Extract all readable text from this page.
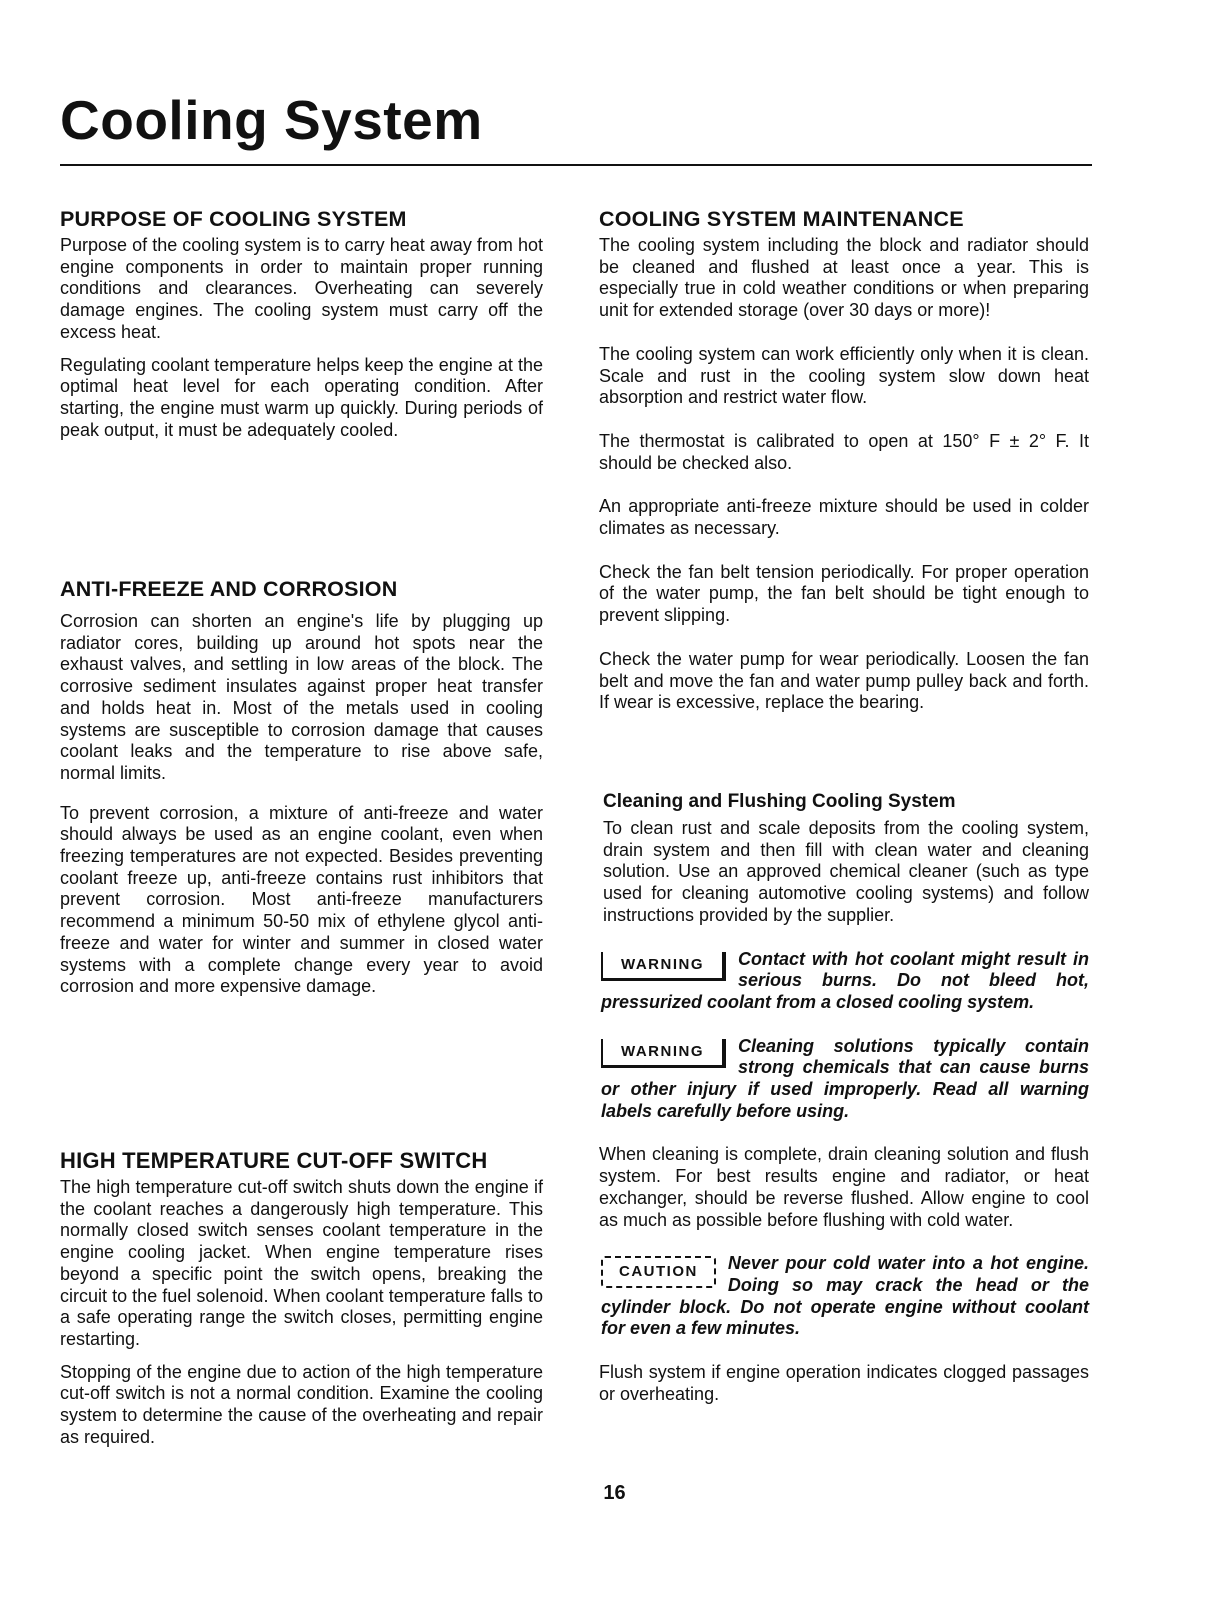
Cooling System
PURPOSE OF COOLING SYSTEM

Purpose of the cooling system is to carry heat away from hot engine components in order to maintain proper running conditions and clearances. Overheating can severely damage engines. The cooling system must carry off the excess heat.

Regulating coolant temperature helps keep the engine at the optimal heat level for each operating condition. After starting, the engine must warm up quickly. During periods of peak output, it must be adequately cooled.

ANTI-FREEZE AND CORROSION

Corrosion can shorten an engine's life by plugging up radiator cores, building up around hot spots near the exhaust valves, and settling in low areas of the block. The corrosive sediment insulates against proper heat transfer and holds heat in. Most of the metals used in cooling systems are susceptible to corrosion damage that causes coolant leaks and the temperature to rise above safe, normal limits.

To prevent corrosion, a mixture of anti-freeze and water should always be used as an engine coolant, even when freezing temperatures are not expected. Besides preventing coolant freeze up, anti-freeze contains rust inhibitors that prevent corrosion. Most anti-freeze manufacturers recommend a minimum 50-50 mix of ethylene glycol anti-freeze and water for winter and summer in closed water systems with a complete change every year to avoid corrosion and more expensive damage.

HIGH TEMPERATURE CUT-OFF SWITCH

The high temperature cut-off switch shuts down the engine if the coolant reaches a dangerously high temperature. This normally closed switch senses coolant temperature in the engine cooling jacket. When engine temperature rises beyond a specific point the switch opens, breaking the circuit to the fuel solenoid. When coolant temperature falls to a safe operating range the switch closes, permitting engine restarting.

Stopping of the engine due to action of the high temperature cut-off switch is not a normal condition. Examine the cooling system to determine the cause of the overheating and repair as required.

COOLING SYSTEM MAINTENANCE

The cooling system including the block and radiator should be cleaned and flushed at least once a year. This is especially true in cold weather conditions or when preparing unit for extended storage (over 30 days or more)!

The cooling system can work efficiently only when it is clean. Scale and rust in the cooling system slow down heat absorption and restrict water flow.

The thermostat is calibrated to open at 150° F ± 2° F. It should be checked also.

An appropriate anti-freeze mixture should be used in colder climates as necessary.

Check the fan belt tension periodically. For proper operation of the water pump, the fan belt should be tight enough to prevent slipping.

Check the water pump for wear periodically. Loosen the fan belt and move the fan and water pump pulley back and forth. If wear is excessive, replace the bearing.

Cleaning and Flushing Cooling System

To clean rust and scale deposits from the cooling system, drain system and then fill with clean water and cleaning solution. Use an approved chemical cleaner (such as type used for cleaning automotive cooling systems) and follow instructions provided by the supplier.

WARNING	Contact with hot coolant might result in serious burns. Do not bleed hot, pressurized coolant from a closed cooling system.
WARNING	Cleaning solutions typically contain strong chemicals that can cause burns or other injury if used improperly. Read all warning labels carefully before using.

When cleaning is complete, drain cleaning solution and flush system. For best results engine and radiator, or heat exchanger, should be reverse flushed. Allow engine to cool as much as possible before flushing with cold water.

CAUTION	Never pour cold water into a hot engine. Doing so may crack the head or the cylinder block. Do not operate engine without coolant for even a few minutes.

Flush system if engine operation indicates clogged passages or overheating.

16
